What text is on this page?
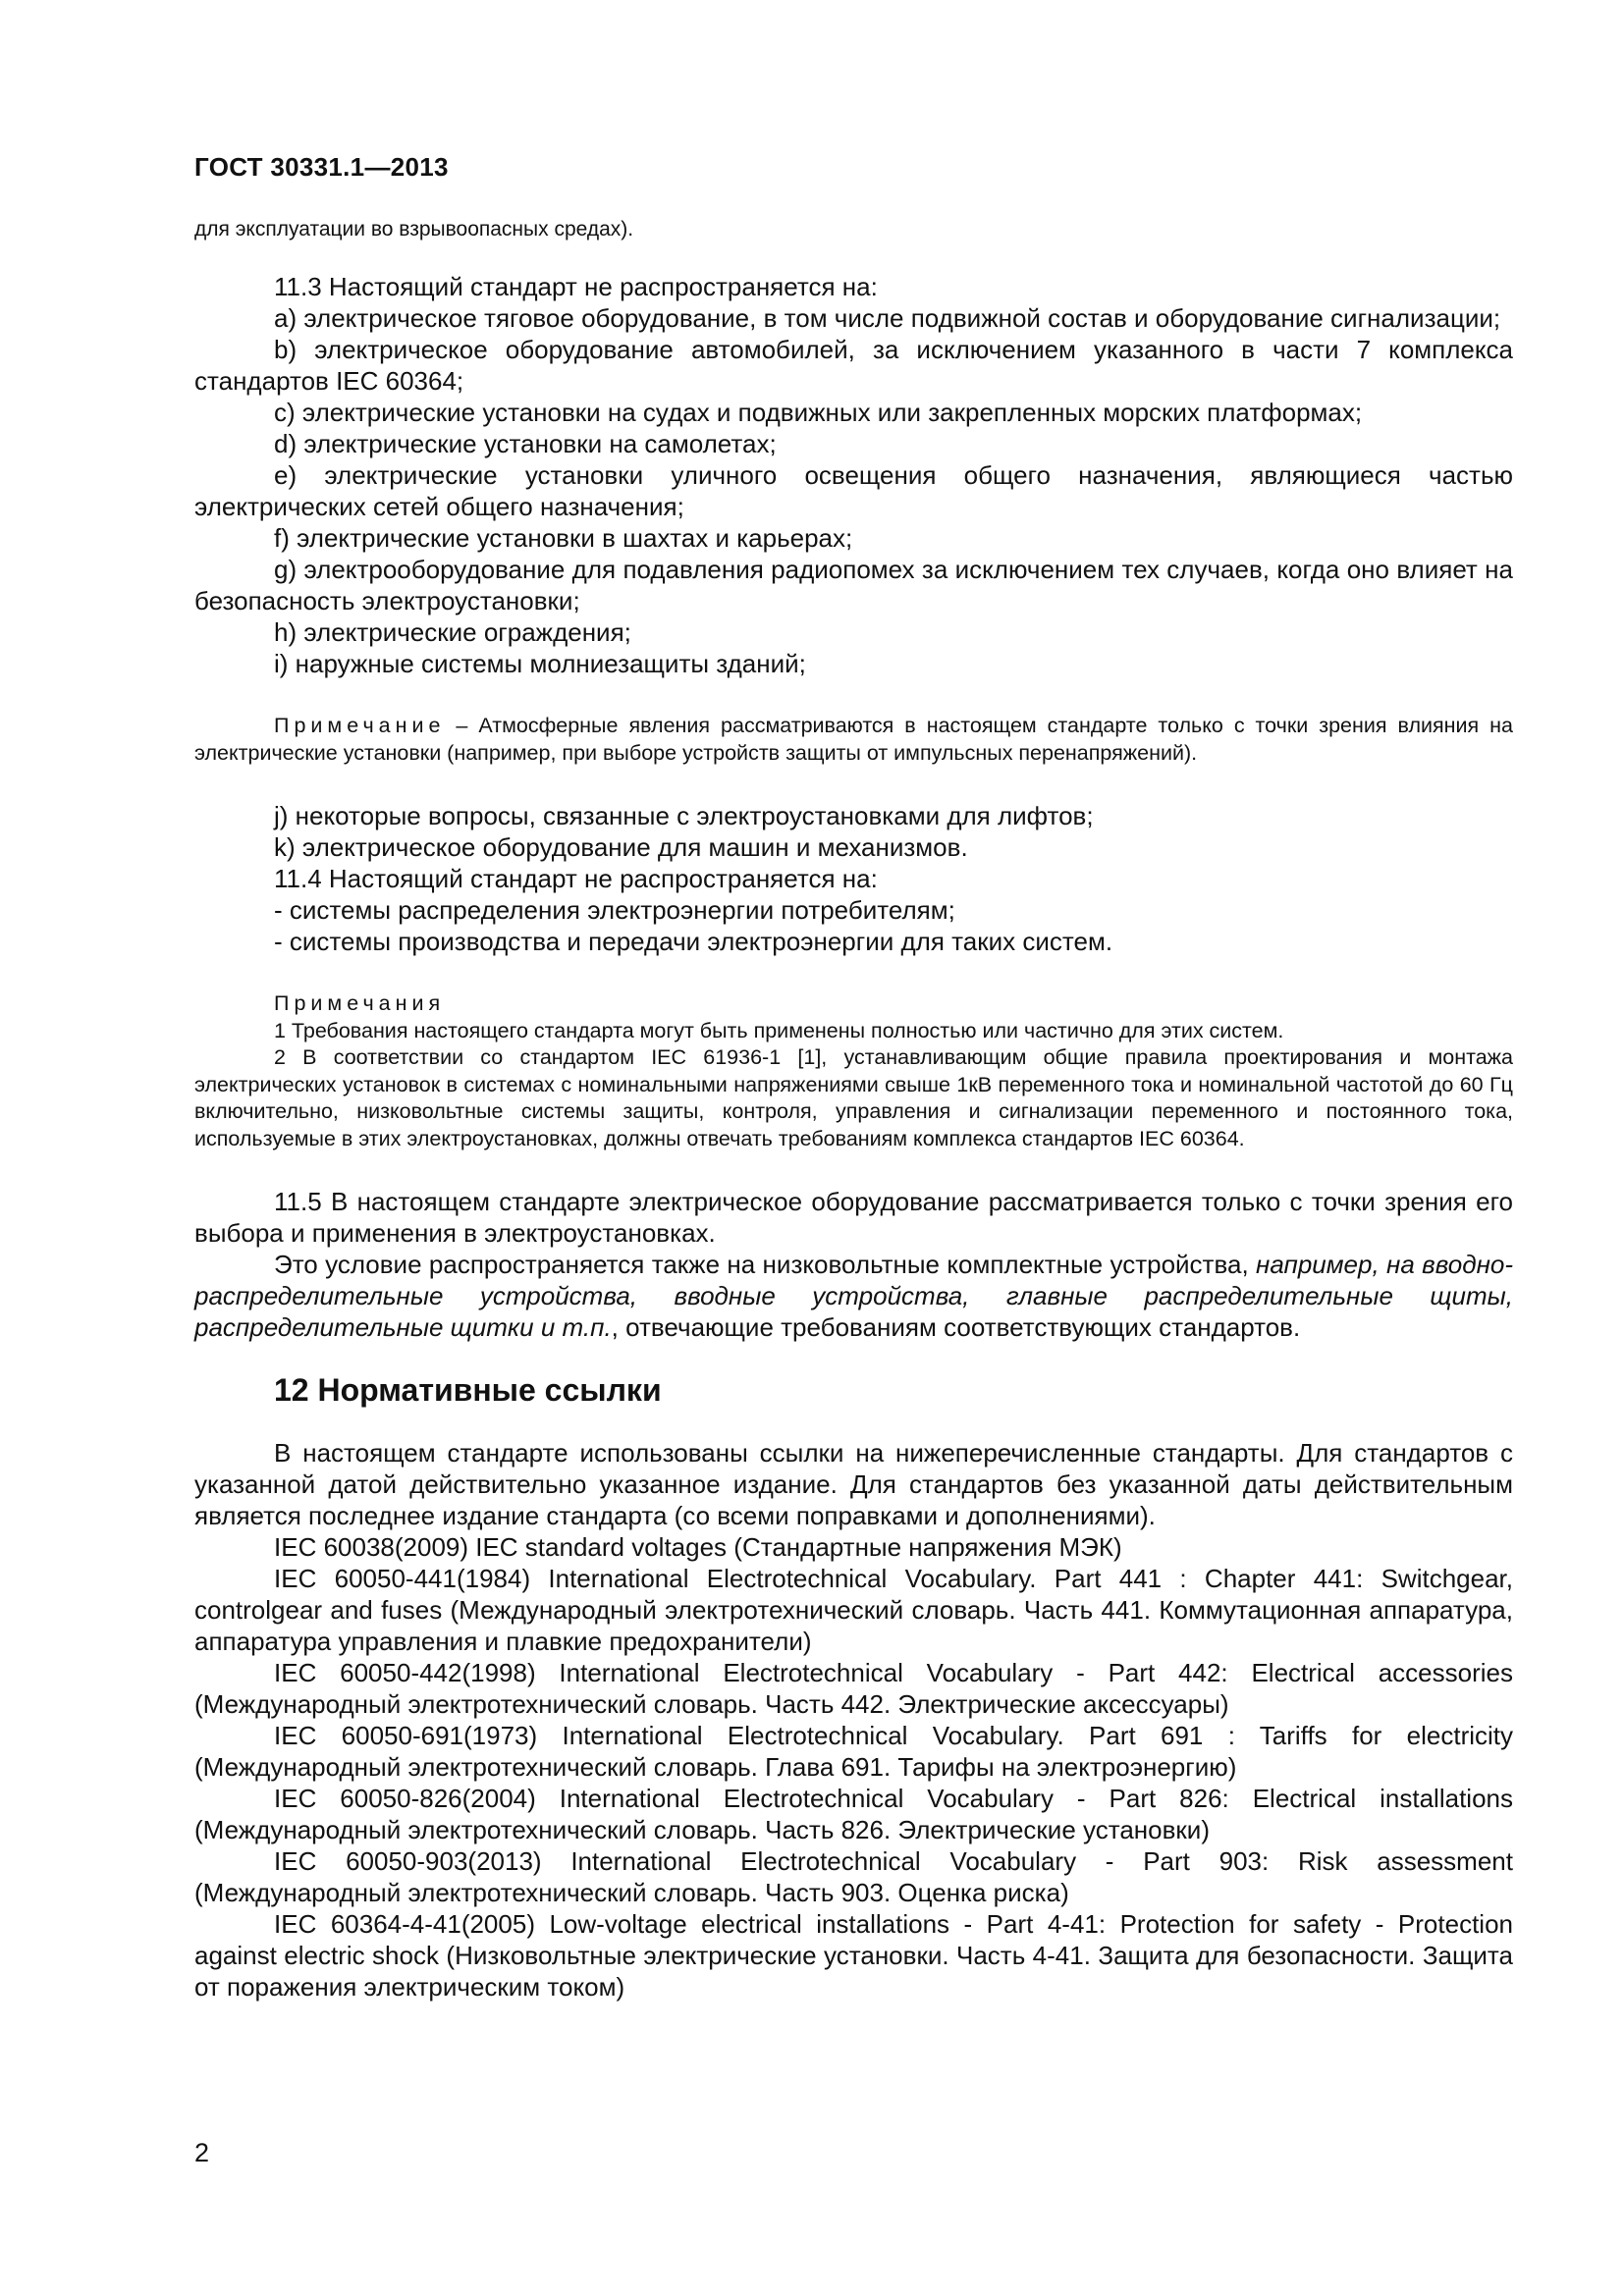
ГОСТ 30331.1—2013

для эксплуатации во взрывоопасных средах).

11.3 Настоящий стандарт не распространяется на:

а) электрическое тяговое оборудование, в том числе подвижной состав и оборудование сигнализации;

b) электрическое оборудование автомобилей, за исключением указанного в части 7 комплекса стандартов IEC 60364;

c) электрические установки на судах и подвижных или закрепленных морских платформах;

d) электрические установки на самолетах;

e) электрические установки уличного освещения общего назначения, являющиеся частью электрических сетей общего назначения;

f) электрические установки в шахтах и карьерах;

g) электрооборудование для подавления радиопомех за исключением тех случаев, когда оно влияет на безопасность электроустановки;

h) электрические ограждения;

i) наружные системы молниезащиты зданий;

Примечание – Атмосферные явления рассматриваются в настоящем стандарте только с точки зрения влияния на электрические установки (например, при выборе устройств защиты от импульсных перенапряжений).

j) некоторые вопросы, связанные с электроустановками для лифтов;

k) электрическое оборудование для машин и механизмов.

11.4 Настоящий стандарт не распространяется на:

- системы распределения электроэнергии потребителям;

- системы производства и передачи электроэнергии для таких систем.

Примечания

1 Требования настоящего стандарта могут быть применены полностью или частично для этих систем.

2 В соответствии со стандартом IEC 61936-1 [1], устанавливающим общие правила проектирования и монтажа электрических установок в системах с номинальными напряжениями свыше 1кВ переменного тока и номинальной частотой до 60 Гц включительно, низковольтные системы защиты, контроля, управления и сигнализации переменного и постоянного тока, используемые в этих электроустановках, должны отвечать требованиям комплекса стандартов IEC 60364.

11.5 В настоящем стандарте электрическое оборудование рассматривается только с точки зрения его выбора и применения в электроустановках.

Это условие распространяется также на низковольтные комплектные устройства, например, на вводно-распределительные устройства, вводные устройства, главные распределительные щиты, распределительные щитки и т.п., отвечающие требованиям соответствующих стандартов.

12 Нормативные ссылки

В настоящем стандарте использованы ссылки на нижеперечисленные стандарты. Для стандартов с указанной датой действительно указанное издание. Для стандартов без указанной даты действительным является последнее издание стандарта (со всеми поправками и дополнениями).

IEC 60038(2009) IEC standard voltages (Стандартные напряжения МЭК)

IEC 60050-441(1984) International Electrotechnical Vocabulary. Part 441 : Chapter 441: Switchgear, controlgear and fuses (Международный электротехнический словарь. Часть 441. Коммутационная аппаратура, аппаратура управления и плавкие предохранители)

IEC 60050-442(1998) International Electrotechnical Vocabulary - Part 442: Electrical accessories (Международный электротехнический словарь. Часть 442. Электрические аксессуары)

IEC 60050-691(1973) International Electrotechnical Vocabulary. Part 691 : Tariffs for electricity (Международный электротехнический словарь. Глава 691. Тарифы на электроэнергию)

IEC 60050-826(2004) International Electrotechnical Vocabulary - Part 826: Electrical installations (Международный электротехнический словарь. Часть 826. Электрические установки)

IEC 60050-903(2013) International Electrotechnical Vocabulary - Part 903: Risk assessment (Международный электротехнический словарь. Часть 903. Оценка риска)

IEC 60364-4-41(2005) Low-voltage electrical installations - Part 4-41: Protection for safety - Protection against electric shock (Низковольтные электрические установки. Часть 4-41. Защита для безопасности. Защита от поражения электрическим током)

2
